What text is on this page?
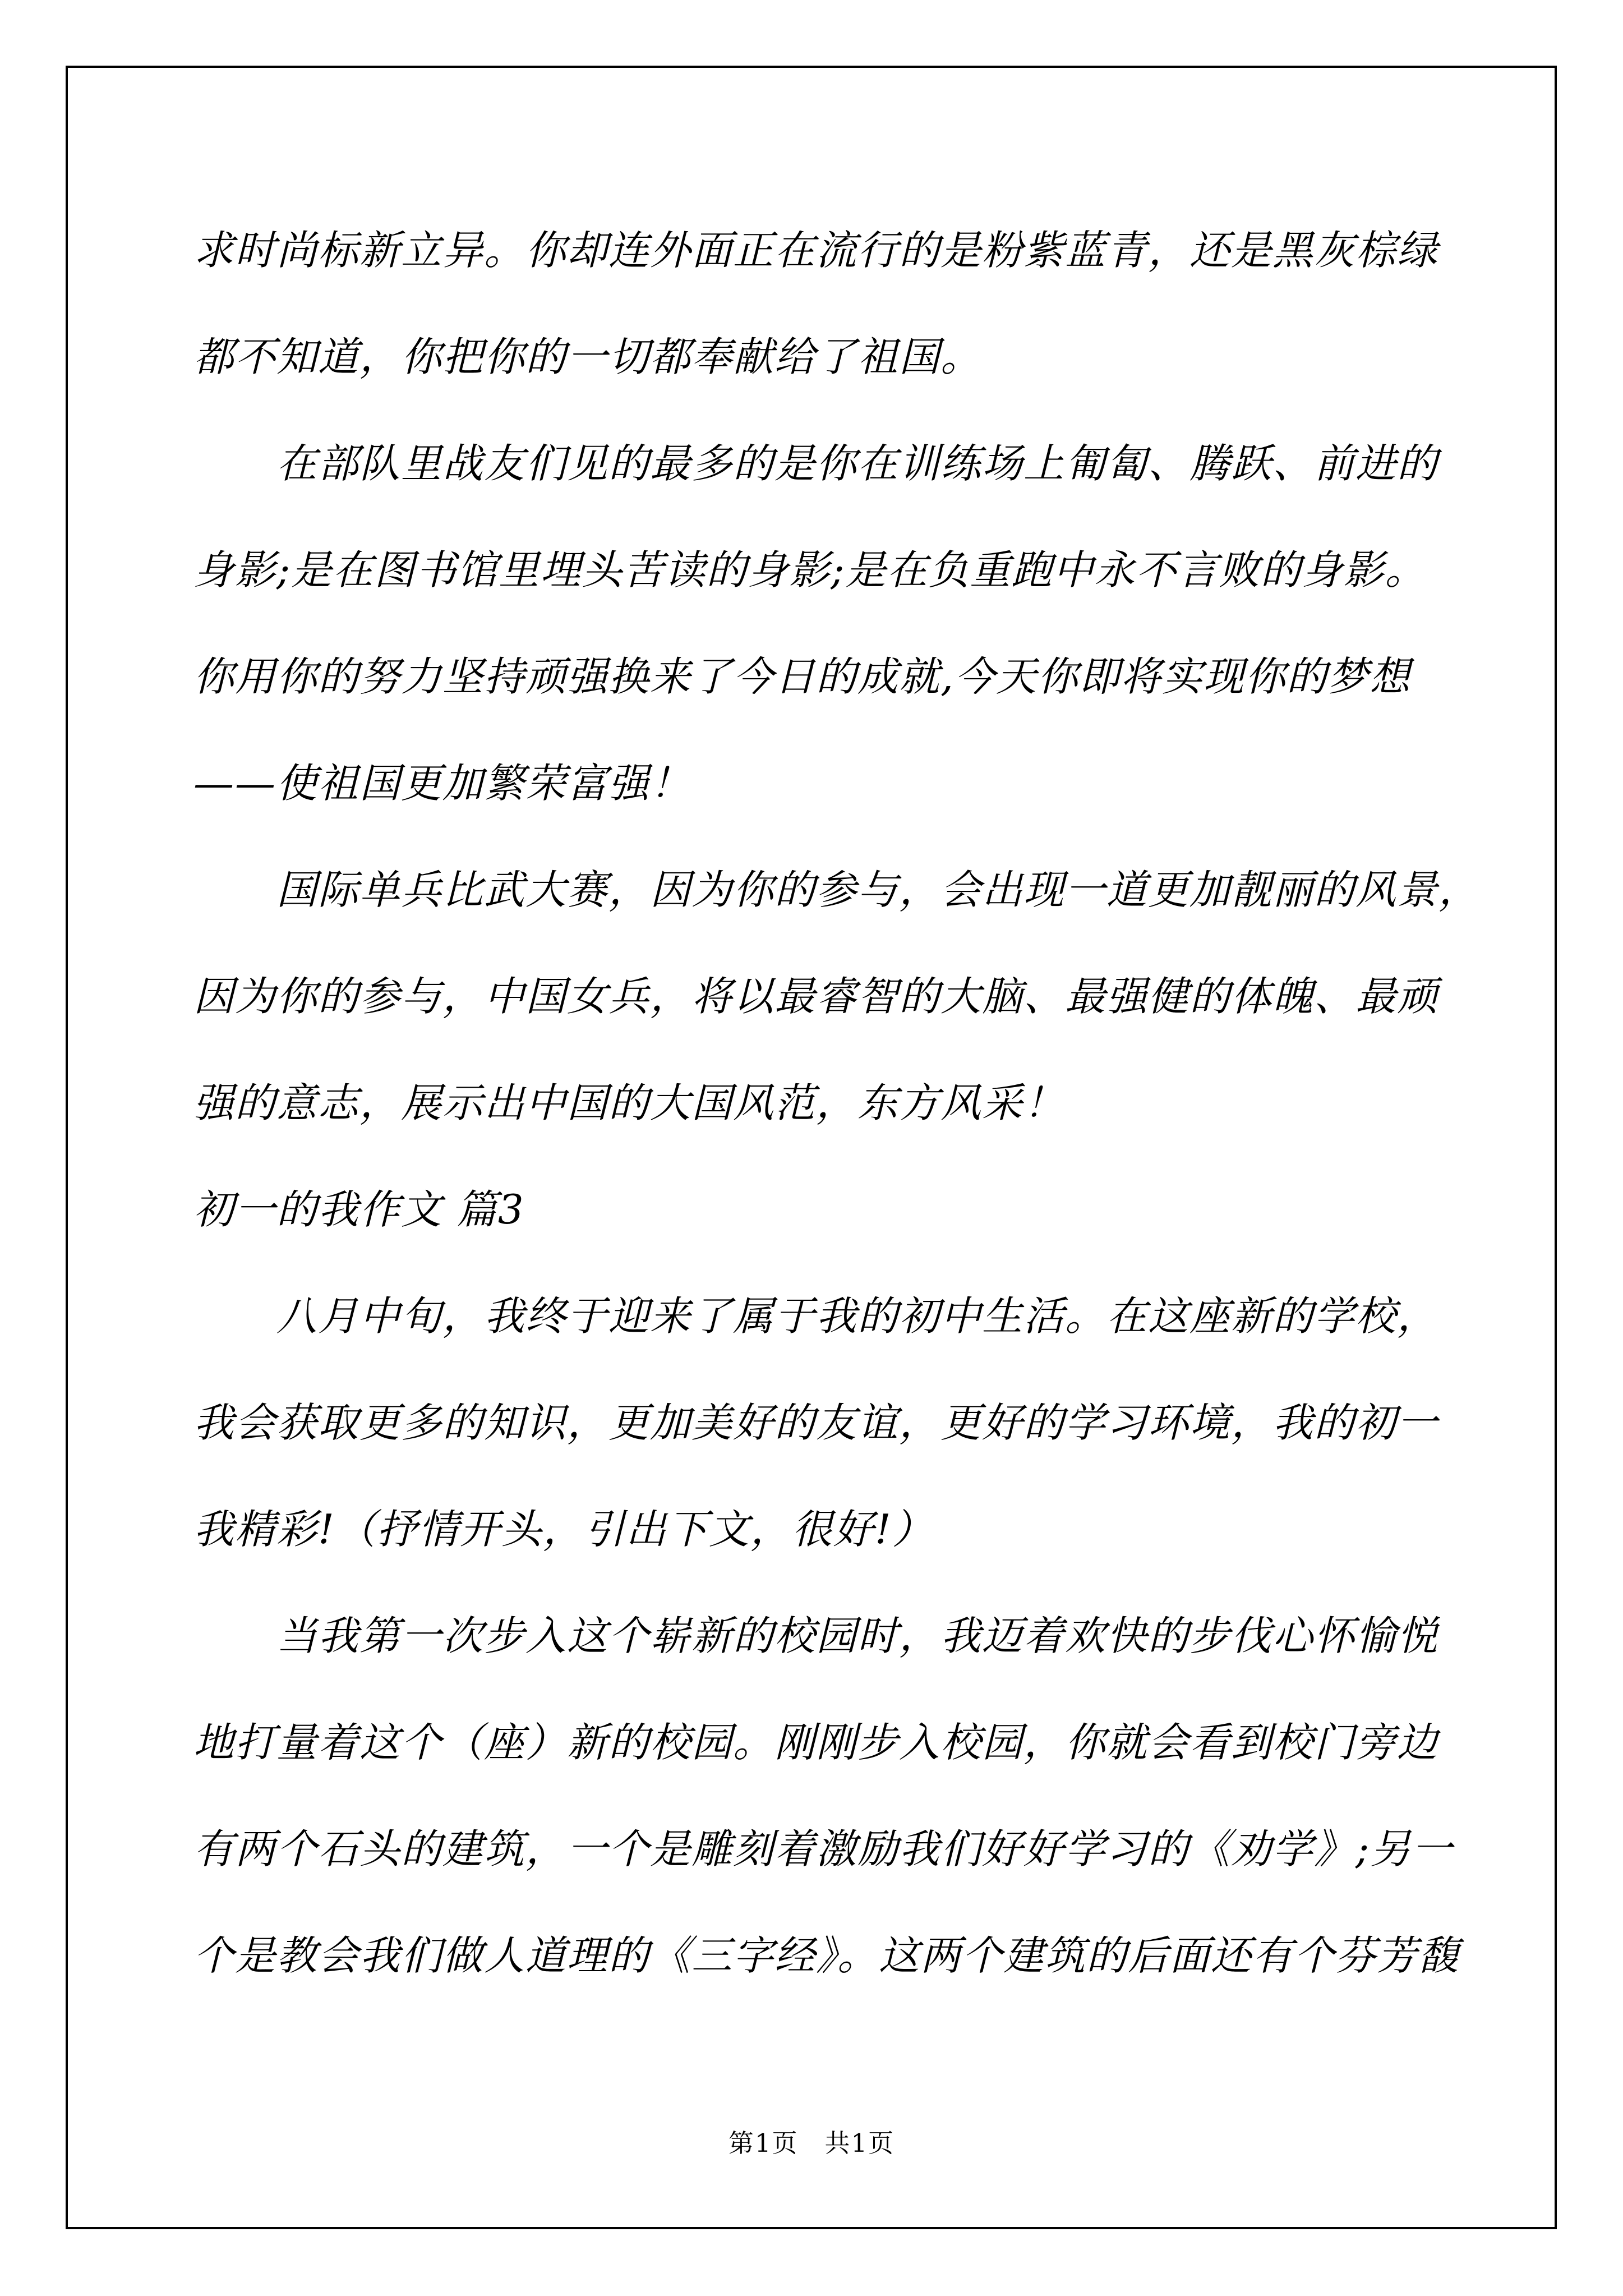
求时尚标新立异。你却连外面正在流行的是粉紫蓝青，还是黑灰棕绿
都不知道，你把你的一切都奉献给了祖国。
　　在部队里战友们见的最多的是你在训练场上匍匐、腾跃、前进的
身影;是在图书馆里埋头苦读的身影;是在负重跑中永不言败的身影。
你用你的努力坚持顽强换来了今日的成就,今天你即将实现你的梦想
——使祖国更加繁荣富强！
　　国际单兵比武大赛，因为你的参与，会出现一道更加靓丽的风景，
因为你的参与，中国女兵，将以最睿智的大脑、最强健的体魄、最顽
强的意志，展示出中国的大国风范，东方风采！
初一的我作文 篇3
　　八月中旬，我终于迎来了属于我的初中生活。在这座新的学校，
我会获取更多的知识，更加美好的友谊，更好的学习环境，我的初一
我精彩!（抒情开头，引出下文，很好!）
　　当我第一次步入这个崭新的校园时，我迈着欢快的步伐心怀愉悦
地打量着这个（座）新的校园。刚刚步入校园，你就会看到校门旁边
有两个石头的建筑，一个是雕刻着激励我们好好学习的《劝学》;另一
个是教会我们做人道理的《三字经》。这两个建筑的后面还有个芬芳馥
第1页　共1页
